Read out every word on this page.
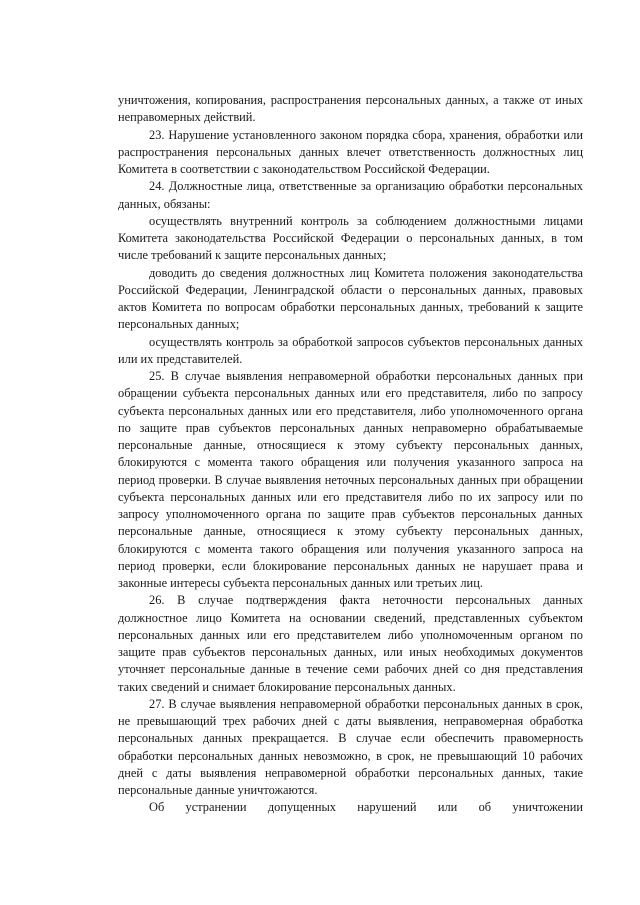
уничтожения, копирования, распространения персональных данных, а также от иных неправомерных действий.

23. Нарушение установленного законом порядка сбора, хранения, обработки или распространения персональных данных влечет ответственность должностных лиц Комитета в соответствии с законодательством Российской Федерации.

24. Должностные лица, ответственные за организацию обработки персональных данных, обязаны:

осуществлять внутренний контроль за соблюдением должностными лицами Комитета законодательства Российской Федерации о персональных данных, в том числе требований к защите персональных данных;

доводить до сведения должностных лиц Комитета положения законодательства Российской Федерации, Ленинградской области о персональных данных, правовых актов Комитета по вопросам обработки персональных данных, требований к защите персональных данных;

осуществлять контроль за обработкой запросов субъектов персональных данных или их представителей.

25. В случае выявления неправомерной обработки персональных данных при обращении субъекта персональных данных или его представителя, либо по запросу субъекта персональных данных или его представителя, либо уполномоченного органа по защите прав субъектов персональных данных неправомерно обрабатываемые персональные данные, относящиеся к этому субъекту персональных данных, блокируются с момента такого обращения или получения указанного запроса на период проверки. В случае выявления неточных персональных данных при обращении субъекта персональных данных или его представителя либо по их запросу или по запросу уполномоченного органа по защите прав субъектов персональных данных персональные данные, относящиеся к этому субъекту персональных данных, блокируются с момента такого обращения или получения указанного запроса на период проверки, если блокирование персональных данных не нарушает права и законные интересы субъекта персональных данных или третьих лиц.

26. В случае подтверждения факта неточности персональных данных должностное лицо Комитета на основании сведений, представленных субъектом персональных данных или его представителем либо уполномоченным органом по защите прав субъектов персональных данных, или иных необходимых документов уточняет персональные данные в течение семи рабочих дней со дня представления таких сведений и снимает блокирование персональных данных.

27. В случае выявления неправомерной обработки персональных данных в срок, не превышающий трех рабочих дней с даты выявления, неправомерная обработка персональных данных прекращается. В случае если обеспечить правомерность обработки персональных данных невозможно, в срок, не превышающий 10 рабочих дней с даты выявления неправомерной обработки персональных данных, такие персональные данные уничтожаются.

Об устранении допущенных нарушений или об уничтожении
